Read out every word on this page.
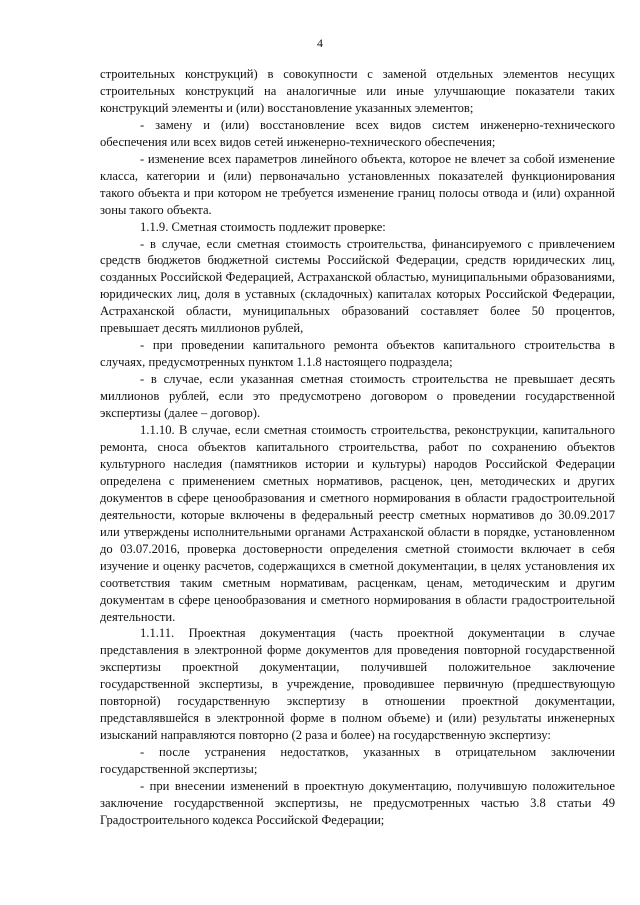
4

строительных конструкций) в совокупности с заменой отдельных элементов несущих строительных конструкций на аналогичные или иные улучшающие показатели таких конструкций элементы и (или) восстановление указанных элементов;

- замену и (или) восстановление всех видов систем инженерно-технического обеспечения или всех видов сетей инженерно-технического обеспечения;

- изменение всех параметров линейного объекта, которое не влечет за собой изменение класса, категории и (или) первоначально установленных показателей функционирования такого объекта и при котором не требуется изменение границ полосы отвода и (или) охранной зоны такого объекта.

1.1.9. Сметная стоимость подлежит проверке:

- в случае, если сметная стоимость строительства, финансируемого с привлечением средств бюджетов бюджетной системы Российской Федерации, средств юридических лиц, созданных Российской Федерацией, Астраханской областью, муниципальными образованиями, юридических лиц, доля в уставных (складочных) капиталах которых Российской Федерации, Астраханской области, муниципальных образований составляет более 50 процентов, превышает десять миллионов рублей,

- при проведении капитального ремонта объектов капитального строительства в случаях, предусмотренных пунктом 1.1.8 настоящего подраздела;

- в случае, если указанная сметная стоимость строительства не превышает десять миллионов рублей, если это предусмотрено договором о проведении государственной экспертизы (далее – договор).

1.1.10. В случае, если сметная стоимость строительства, реконструкции, капитального ремонта, сноса объектов капитального строительства, работ по сохранению объектов культурного наследия (памятников истории и культуры) народов Российской Федерации определена с применением сметных нормативов, расценок, цен, методических и других документов в сфере ценообразования и сметного нормирования в области градостроительной деятельности, которые включены в федеральный реестр сметных нормативов до 30.09.2017 или утверждены исполнительными органами Астраханской области в порядке, установленном до 03.07.2016, проверка достоверности определения сметной стоимости включает в себя изучение и оценку расчетов, содержащихся в сметной документации, в целях установления их соответствия таким сметным нормативам, расценкам, ценам, методическим и другим документам в сфере ценообразования и сметного нормирования в области градостроительной деятельности.

1.1.11. Проектная документация (часть проектной документации в случае представления в электронной форме документов для проведения повторной государственной экспертизы проектной документации, получившей положительное заключение государственной экспертизы, в учреждение, проводившее первичную (предшествующую повторной) государственную экспертизу в отношении проектной документации, представлявшейся в электронной форме в полном объеме) и (или) результаты инженерных изысканий направляются повторно (2 раза и более) на государственную экспертизу:

- после устранения недостатков, указанных в отрицательном заключении государственной экспертизы;

- при внесении изменений в проектную документацию, получившую положительное заключение государственной экспертизы, не предусмотренных частью 3.8 статьи 49 Градостроительного кодекса Российской Федерации;
